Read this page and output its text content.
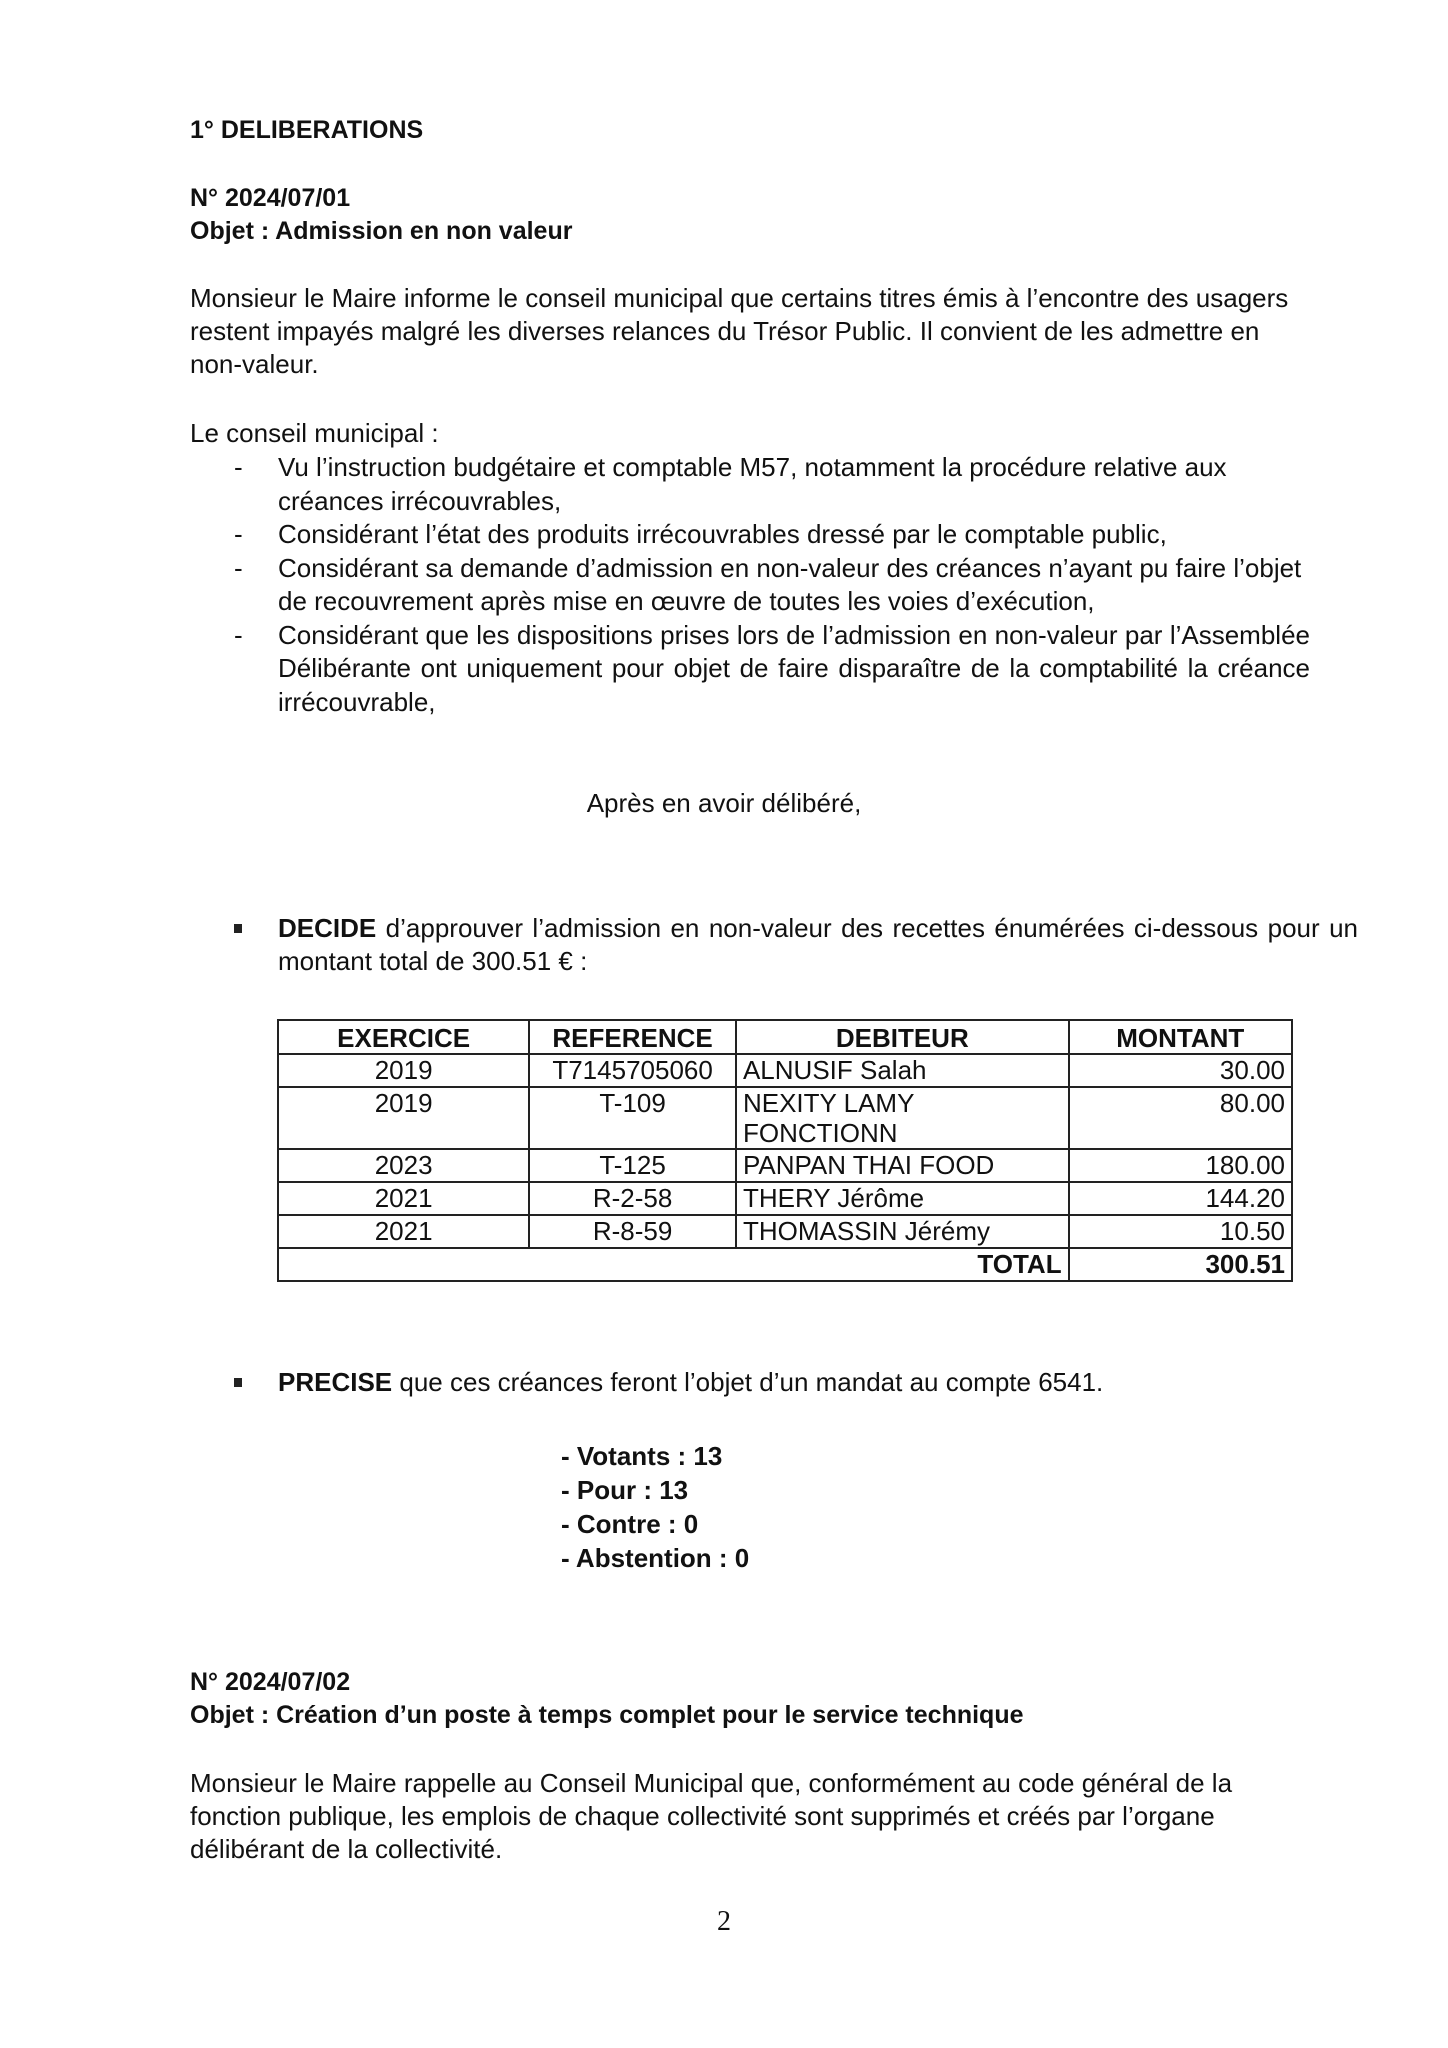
1° DELIBERATIONS
N° 2024/07/01
Objet : Admission en non valeur
Monsieur le Maire informe le conseil municipal que certains titres émis à l’encontre des usagers restent impayés malgré les diverses relances du Trésor Public. Il convient de les admettre en non-valeur.
Le conseil municipal :
- Vu l’instruction budgétaire et comptable M57, notamment la procédure relative aux créances irrécouvrables,
- Considérant l’état des produits irrécouvrables dressé par le comptable public,
- Considérant sa demande d’admission en non-valeur des créances n’ayant pu faire l’objet de recouvrement après mise en œuvre de toutes les voies d’exécution,
- Considérant que les dispositions prises lors de l’admission en non-valeur par l’Assemblée Délibérante ont uniquement pour objet de faire disparaître de la comptabilité la créance irrécouvrable,
Après en avoir délibéré,
DECIDE d’approuver l’admission en non-valeur des recettes énumérées ci-dessous pour un montant total de 300.51 € :
EXERCICE	REFERENCE	DEBITEUR	MONTANT
2019	T7145705060	ALNUSIF Salah	30.00
2019	T-109	NEXITY LAMY FONCTIONN	80.00
2023	T-125	PANPAN THAI FOOD	180.00
2021	R-2-58	THERY Jérôme	144.20
2021	R-8-59	THOMASSIN Jérémy	10.50
TOTAL			300.51
PRECISE que ces créances feront l’objet d’un mandat au compte 6541.
- Votants : 13
- Pour : 13
- Contre : 0
- Abstention : 0
N° 2024/07/02
Objet : Création d’un poste à temps complet pour le service technique
Monsieur le Maire rappelle au Conseil Municipal que, conformément au code général de la fonction publique, les emplois de chaque collectivité sont supprimés et créés par l’organe délibérant de la collectivité.
2
